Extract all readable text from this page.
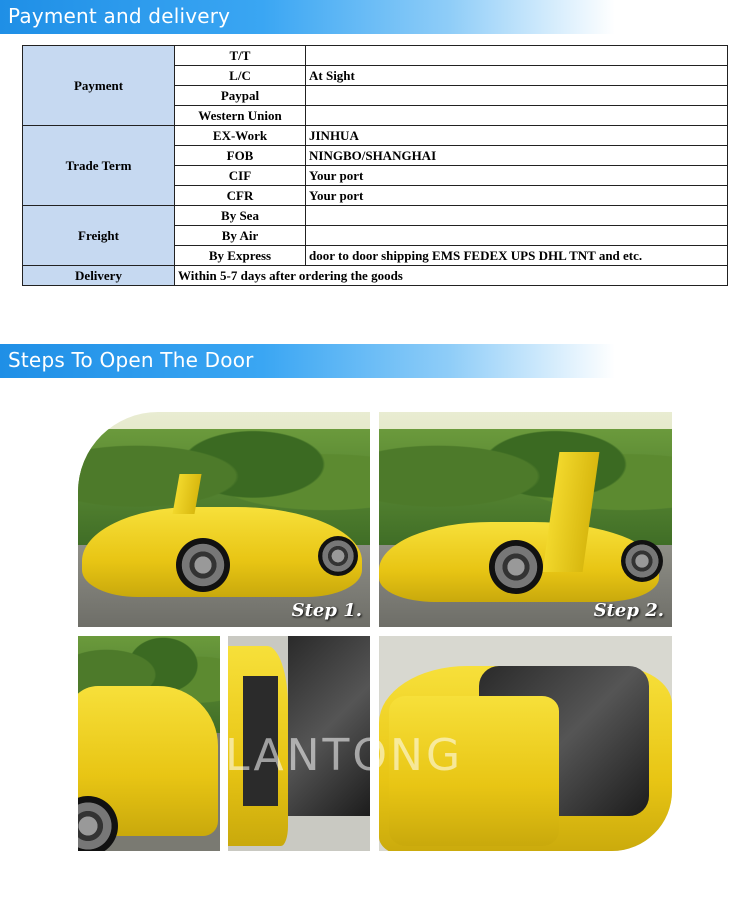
Payment and delivery
Payment	T/T	
	L/C	At Sight
	Paypal	
	Western Union	
Trade Term	EX-Work	JINHUA
	FOB	NINGBO/SHANGHAI
	CIF	Your port
	CFR	Your port
Freight	By Sea	
	By Air	
	By Express	door to door shipping EMS FEDEX UPS DHL TNT and etc.
Delivery	Within 5-7 days after ordering the goods	
Steps To Open The Door
Step 1.	Step 2.
LANTONG
